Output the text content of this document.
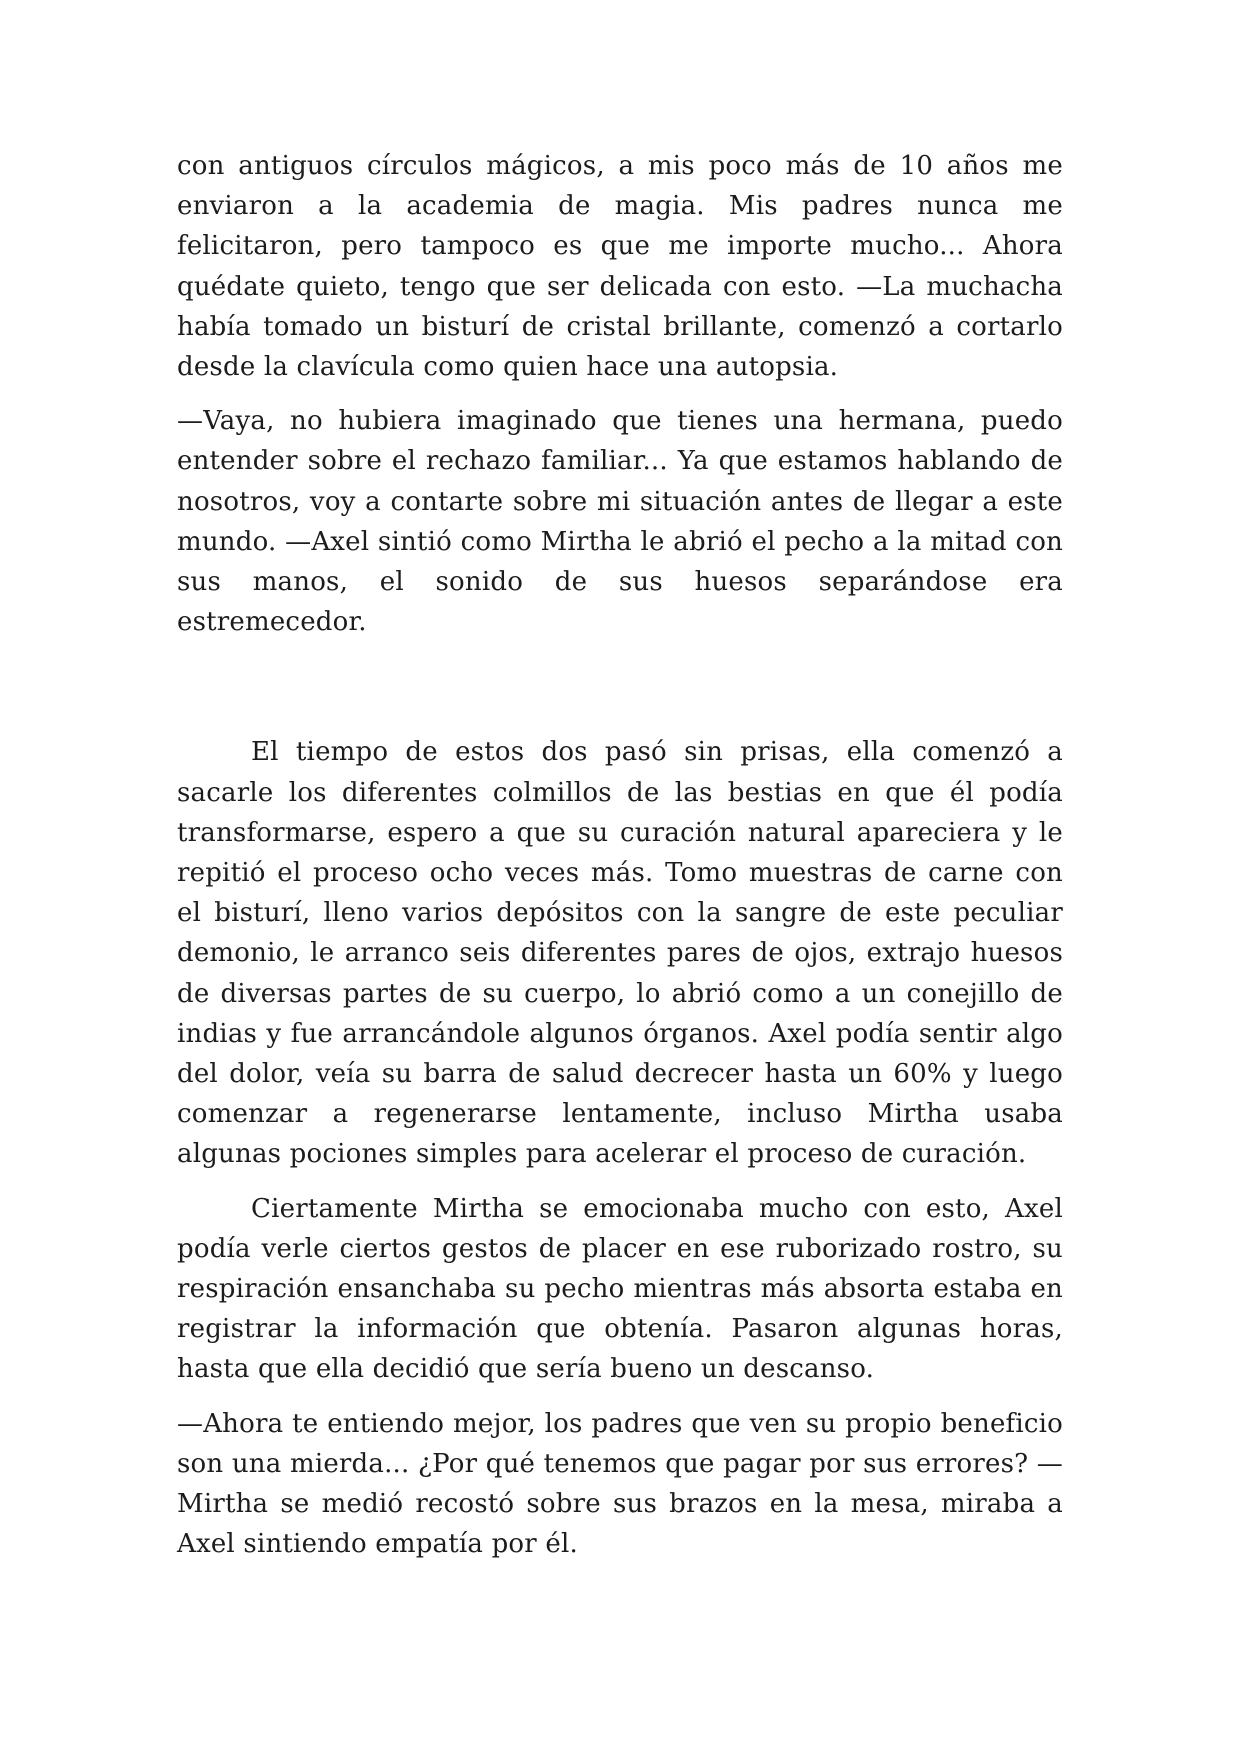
con antiguos círculos mágicos, a mis poco más de 10 años me enviaron a la academia de magia. Mis padres nunca me felicitaron, pero tampoco es que me importe mucho... Ahora quédate quieto, tengo que ser delicada con esto. —La muchacha había tomado un bisturí de cristal brillante, comenzó a cortarlo desde la clavícula como quien hace una autopsia.

—Vaya, no hubiera imaginado que tienes una hermana, puedo entender sobre el rechazo familiar... Ya que estamos hablando de nosotros, voy a contarte sobre mi situación antes de llegar a este mundo. —Axel sintió como Mirtha le abrió el pecho a la mitad con sus manos, el sonido de sus huesos separándose era estremecedor.

El tiempo de estos dos pasó sin prisas, ella comenzó a sacarle los diferentes colmillos de las bestias en que él podía transformarse, espero a que su curación natural apareciera y le repitió el proceso ocho veces más. Tomo muestras de carne con el bisturí, lleno varios depósitos con la sangre de este peculiar demonio, le arranco seis diferentes pares de ojos, extrajo huesos de diversas partes de su cuerpo, lo abrió como a un conejillo de indias y fue arrancándole algunos órganos. Axel podía sentir algo del dolor, veía su barra de salud decrecer hasta un 60% y luego comenzar a regenerarse lentamente, incluso Mirtha usaba algunas pociones simples para acelerar el proceso de curación.

Ciertamente Mirtha se emocionaba mucho con esto, Axel podía verle ciertos gestos de placer en ese ruborizado rostro, su respiración ensanchaba su pecho mientras más absorta estaba en registrar la información que obtenía. Pasaron algunas horas, hasta que ella decidió que sería bueno un descanso.

—Ahora te entiendo mejor, los padres que ven su propio beneficio son una mierda... ¿Por qué tenemos que pagar por sus errores? —Mirtha se medió recostó sobre sus brazos en la mesa, miraba a Axel sintiendo empatía por él.
